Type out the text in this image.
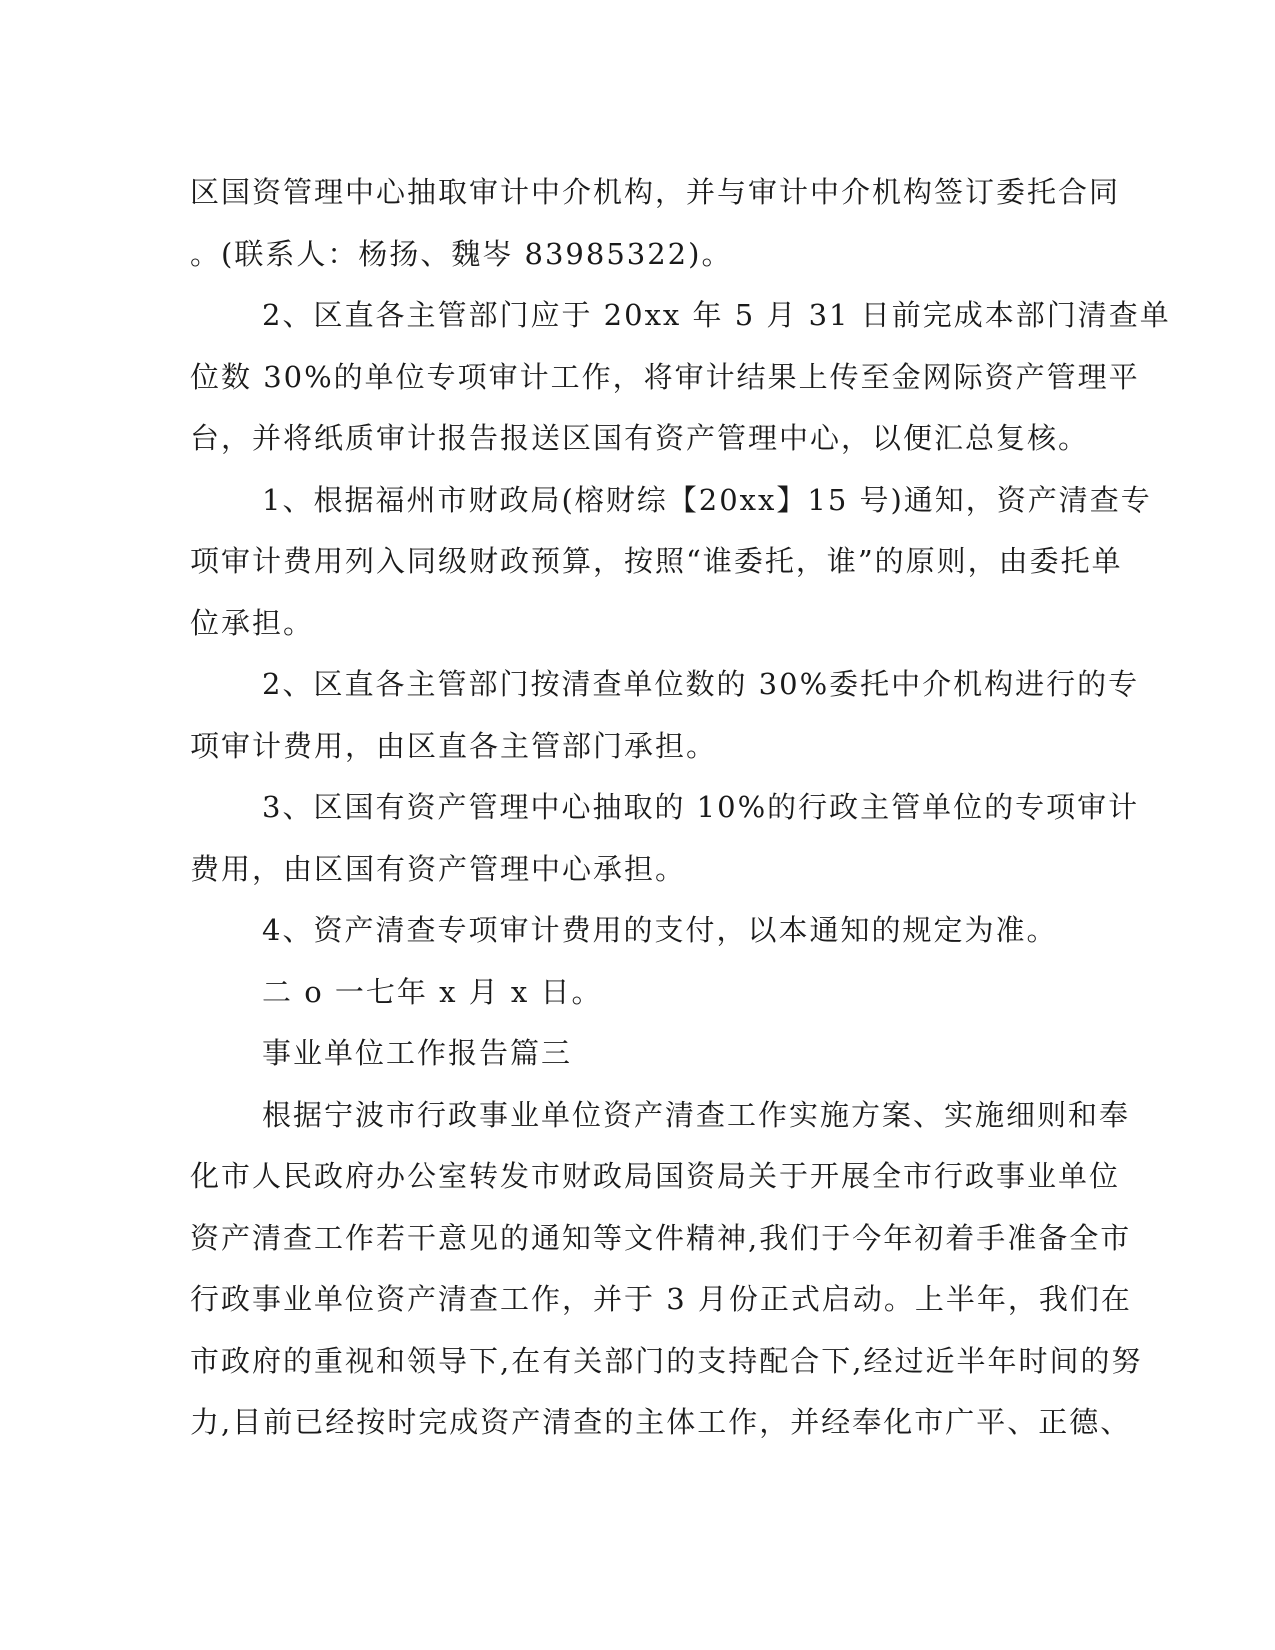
区国资管理中心抽取审计中介机构，并与审计中介机构签订委托合同
。(联系人：杨扬、魏岑 83985322)。
2、区直各主管部门应于 20xx 年 5 月 31 日前完成本部门清查单
位数 30%的单位专项审计工作，将审计结果上传至金网际资产管理平
台，并将纸质审计报告报送区国有资产管理中心，以便汇总复核。
1、根据福州市财政局(榕财综【20xx】15 号)通知，资产清查专
项审计费用列入同级财政预算，按照“谁委托，谁”的原则，由委托单
位承担。
2、区直各主管部门按清查单位数的 30%委托中介机构进行的专
项审计费用，由区直各主管部门承担。
3、区国有资产管理中心抽取的 10%的行政主管单位的专项审计
费用，由区国有资产管理中心承担。
4、资产清查专项审计费用的支付，以本通知的规定为准。
二 o 一七年 x 月 x 日。
事业单位工作报告篇三
根据宁波市行政事业单位资产清查工作实施方案、实施细则和奉
化市人民政府办公室转发市财政局国资局关于开展全市行政事业单位
资产清查工作若干意见的通知等文件精神,我们于今年初着手准备全市
行政事业单位资产清查工作，并于 3 月份正式启动。上半年，我们在
市政府的重视和领导下,在有关部门的支持配合下,经过近半年时间的努
力,目前已经按时完成资产清查的主体工作，并经奉化市广平、正德、
